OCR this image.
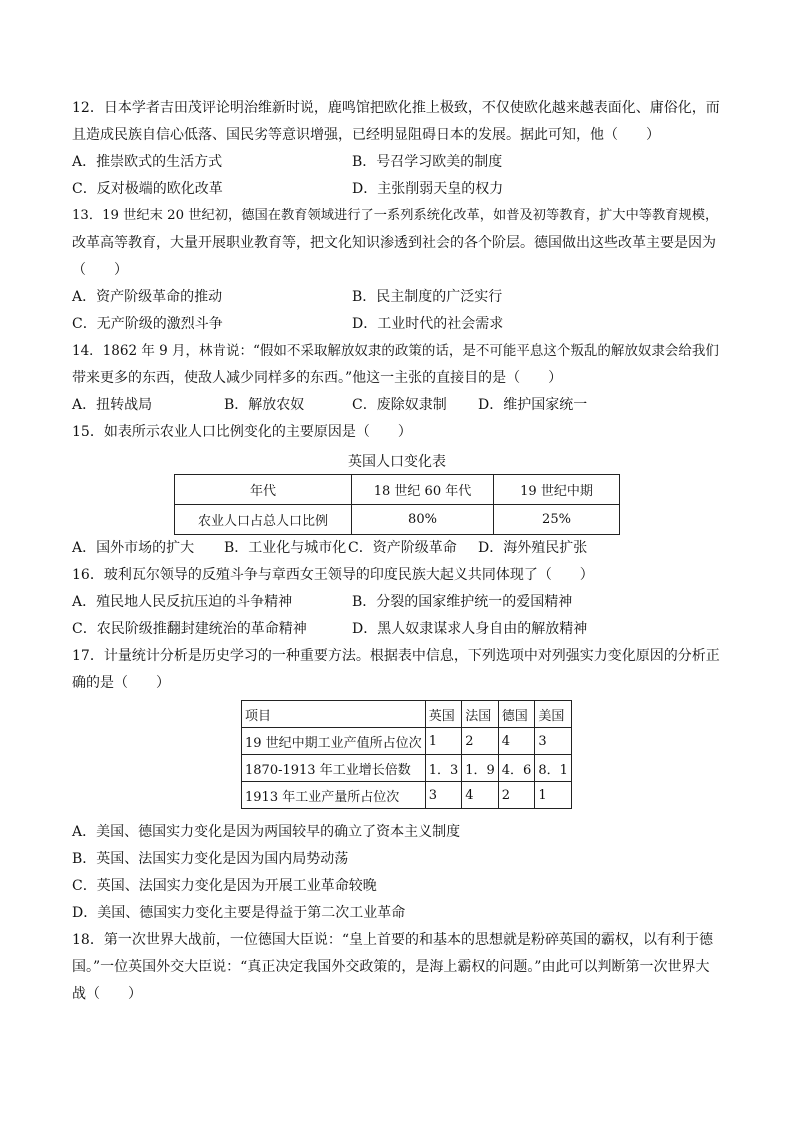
12．日本学者吉田茂评论明治维新时说，鹿鸣馆把欧化推上极致，不仅使欧化越来越表面化、庸俗化，而
且造成民族自信心低落、国民劣等意识增强，已经明显阻碍日本的发展。据此可知，他（　　）
A．推崇欧式的生活方式	B．号召学习欧美的制度
C．反对极端的欧化改革	D．主张削弱天皇的权力
13．19 世纪末 20 世纪初，德国在教育领域进行了一系列系统化改革，如普及初等教育，扩大中等教育规模，
改革高等教育，大量开展职业教育等，把文化知识渗透到社会的各个阶层。德国做出这些改革主要是因为
（　　）
A．资产阶级革命的推动	B．民主制度的广泛实行
C．无产阶级的激烈斗争	D．工业时代的社会需求
14．1862 年 9 月，林肯说：“假如不采取解放奴隶的政策的话，是不可能平息这个叛乱的解放奴隶会给我们
带来更多的东西，使敌人减少同样多的东西。”他这一主张的直接目的是（　　）
A．扭转战局	B．解放农奴	C．废除奴隶制 D．维护国家统一
15．如表所示农业人口比例变化的主要原因是（　　）
英国人口变化表
年代	18 世纪 60 年代	19 世纪中期
农业人口占总人口比例	80%	25%
A．国外市场的扩大 B．工业化与城市化 C．资产阶级革命 D．海外殖民扩张
16．玻利瓦尔领导的反殖斗争与章西女王领导的印度民族大起义共同体现了（　　）
A．殖民地人民反抗压迫的斗争精神	B．分裂的国家维护统一的爱国精神
C．农民阶级推翻封建统治的革命精神	D．黑人奴隶谋求人身自由的解放精神
17．计量统计分析是历史学习的一种重要方法。根据表中信息，下列选项中对列强实力变化原因的分析正
确的是（　　）
项目	英国	法国	德国	美国
19 世纪中期工业产值所占位次	1	2	4	3
1870-1913 年工业增长倍数	1．3	1．9	4．6	8．1
1913 年工业产量所占位次	3	4	2	1
A．美国、德国实力变化是因为两国较早的确立了资本主义制度
B．英国、法国实力变化是因为国内局势动荡
C．英国、法国实力变化是因为开展工业革命较晚
D．美国、德国实力变化主要是得益于第二次工业革命
18．第一次世界大战前，一位德国大臣说：“皇上首要的和基本的思想就是粉碎英国的霸权，以有利于德
国。”一位英国外交大臣说：“真正决定我国外交政策的，是海上霸权的问题。”由此可以判断第一次世界大
战（　　）
